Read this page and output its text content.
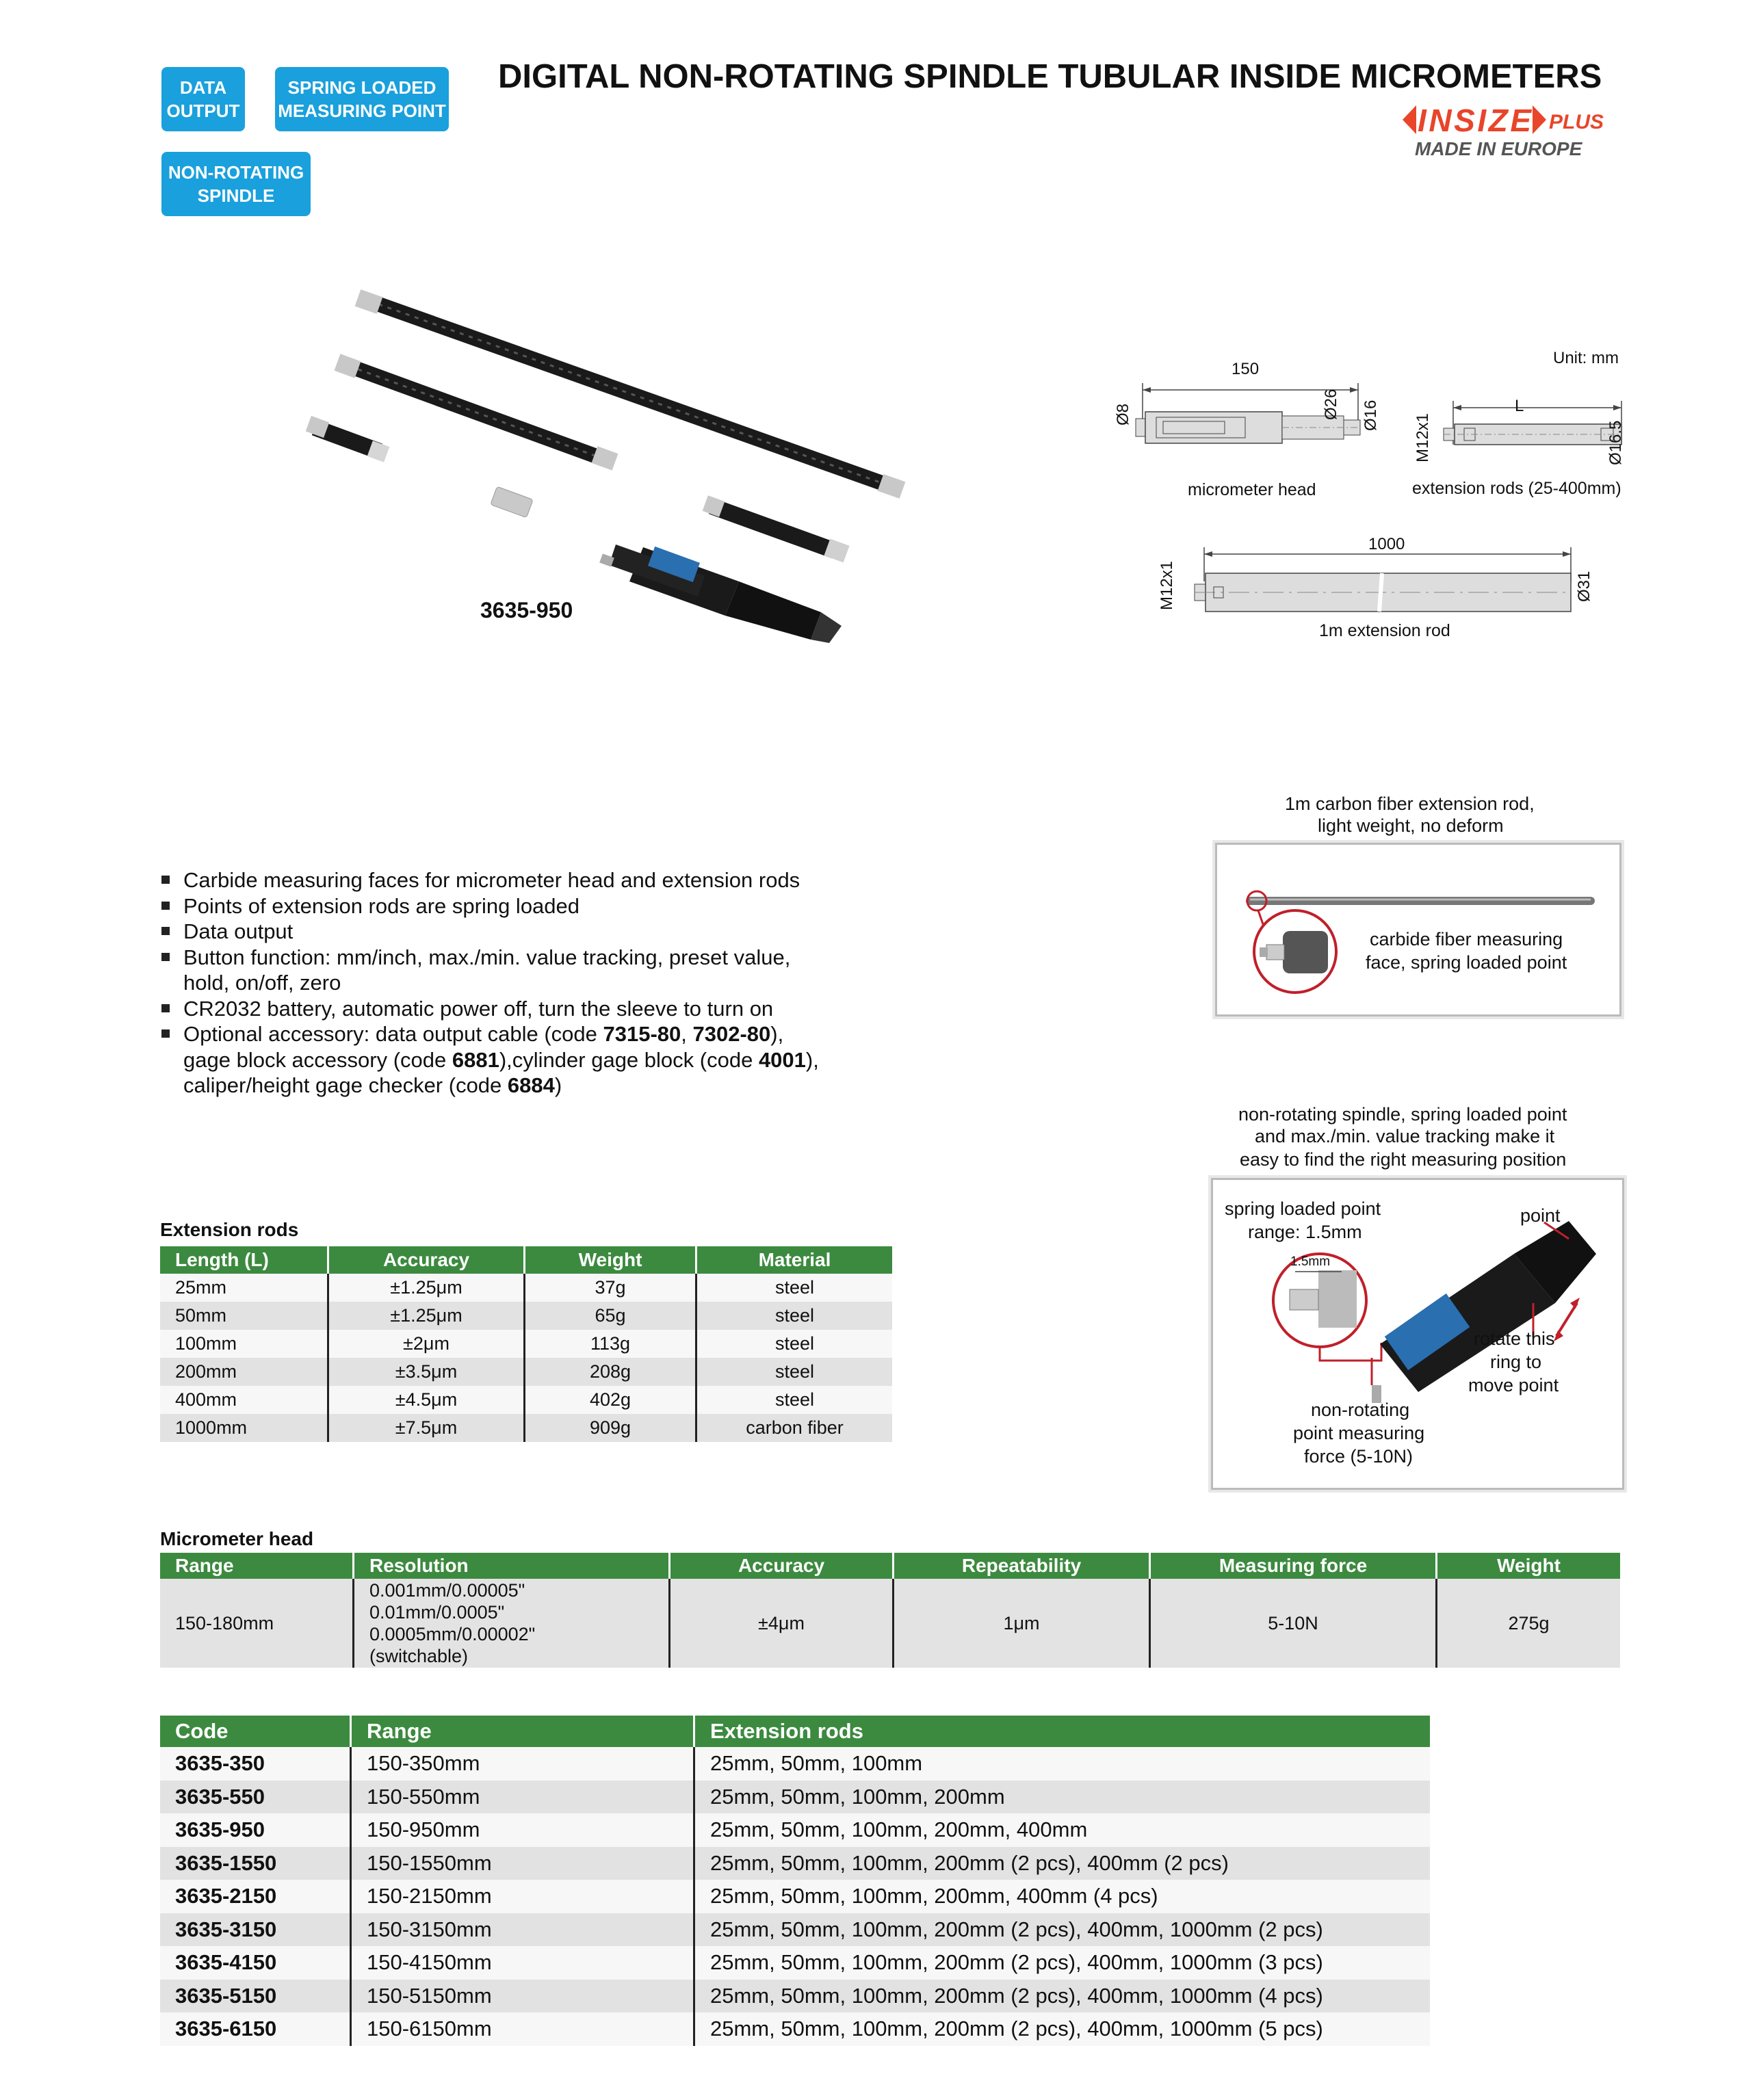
DATA
OUTPUT
SPRING LOADED
MEASURING POINT
NON-ROTATING
SPINDLE
DIGITAL NON-ROTATING SPINDLE TUBULAR INSIDE MICROMETERS
INSIZE PLUS
MADE IN EUROPE
3635-950
Unit: mm
150
Ø8	Ø26 Ø16
micrometer head
L
M12x1	Ø16.5
extension rods (25-400mm)
1000
M12x1	Ø31
1m extension rod
1m carbon fiber extension rod,
light weight, no deform
carbide fiber measuring
face, spring loaded point
non-rotating spindle, spring loaded point
and max./min. value tracking make it
easy to find the right measuring position
spring loaded point
range: 1.5mm
1.5mm
point
rotate this
ring to
move point
non-rotating
point measuring
force (5-10N)
Carbide measuring faces for micrometer head and extension rods
Points of extension rods are spring loaded
Data output
Button function: mm/inch, max./min. value tracking, preset value,
hold, on/off, zero
CR2032 battery, automatic power off, turn the sleeve to turn on
Optional accessory: data output cable (code 7315-80, 7302-80),
gage block accessory (code 6881),cylinder gage block (code 4001),
caliper/height gage checker (code 6884)
Extension rods
Length (L)	Accuracy	Weight	Material
25mm	±1.25μm	37g	steel
50mm	±1.25μm	65g	steel
100mm	±2μm	113g	steel
200mm	±3.5μm	208g	steel
400mm	±4.5μm	402g	steel
1000mm	±7.5μm	909g	carbon fiber
Micrometer head
Range	Resolution	Accuracy	Repeatability	Measuring force	Weight
150-180mm	0.001mm/0.00005"
0.01mm/0.0005"
0.0005mm/0.00002"
(switchable)	±4μm	1μm	5-10N	275g
Code	Range	Extension rods
3635-350	150-350mm	25mm, 50mm, 100mm
3635-550	150-550mm	25mm, 50mm, 100mm, 200mm
3635-950	150-950mm	25mm, 50mm, 100mm, 200mm, 400mm
3635-1550	150-1550mm	25mm, 50mm, 100mm, 200mm (2 pcs), 400mm (2 pcs)
3635-2150	150-2150mm	25mm, 50mm, 100mm, 200mm, 400mm (4 pcs)
3635-3150	150-3150mm	25mm, 50mm, 100mm, 200mm (2 pcs), 400mm, 1000mm (2 pcs)
3635-4150	150-4150mm	25mm, 50mm, 100mm, 200mm (2 pcs), 400mm, 1000mm (3 pcs)
3635-5150	150-5150mm	25mm, 50mm, 100mm, 200mm (2 pcs), 400mm, 1000mm (4 pcs)
3635-6150	150-6150mm	25mm, 50mm, 100mm, 200mm (2 pcs), 400mm, 1000mm (5 pcs)
